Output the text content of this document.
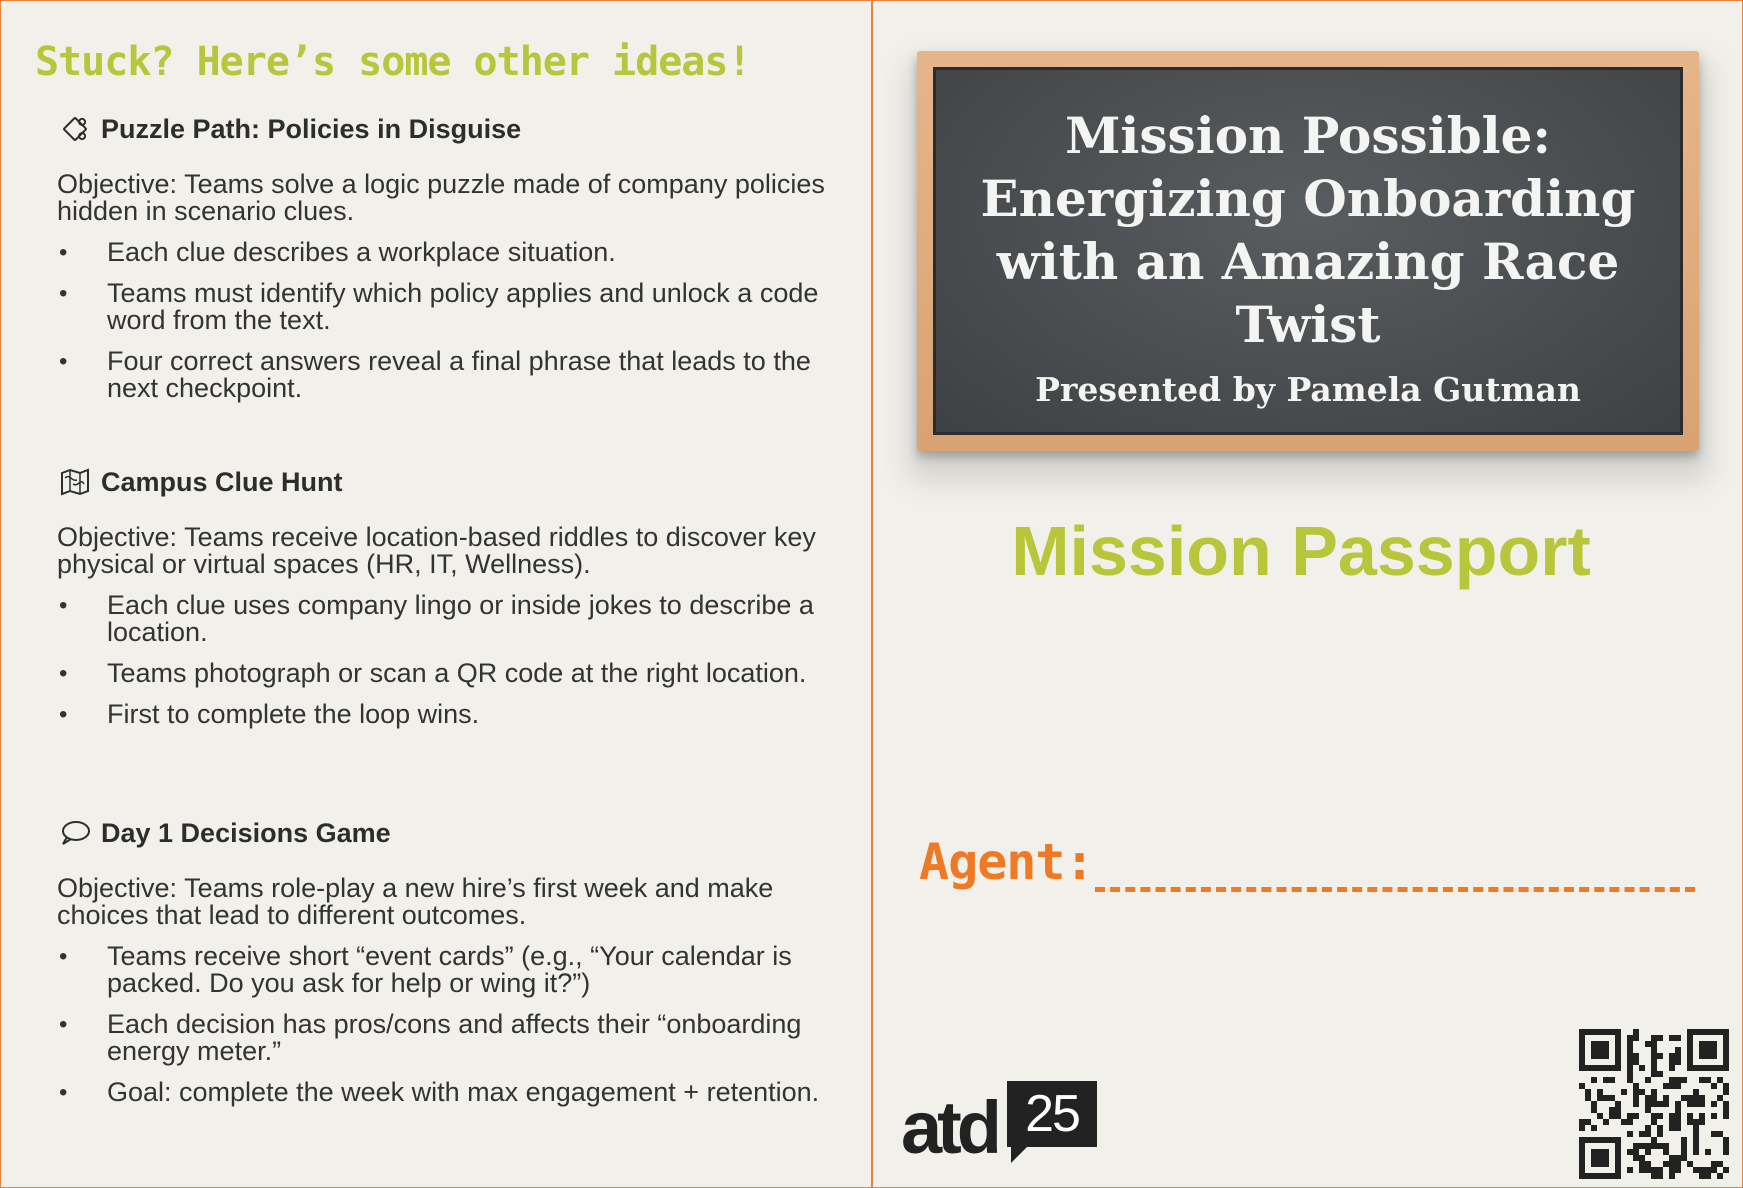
Stuck? Here’s some other ideas!
Puzzle Path: Policies in Disguise
Objective: Teams solve a logic puzzle made of company policies hidden in scenario clues.
• Each clue describes a workplace situation.
• Teams must identify which policy applies and unlock a code word from the text.
• Four correct answers reveal a final phrase that leads to the next checkpoint.
Campus Clue Hunt
Objective: Teams receive location-based riddles to discover key physical or virtual spaces (HR, IT, Wellness).
• Each clue uses company lingo or inside jokes to describe a location.
• Teams photograph or scan a QR code at the right location.
• First to complete the loop wins.
Day 1 Decisions Game
Objective: Teams role-play a new hire’s first week and make choices that lead to different outcomes.
• Teams receive short “event cards” (e.g., “Your calendar is packed. Do you ask for help or wing it?”)
• Each decision has pros/cons and affects their “onboarding energy meter.”
• Goal: complete the week with max engagement + retention.
Mission Possible: Energizing Onboarding with an Amazing Race Twist
Presented by Pamela Gutman
Mission Passport
Agent:
atd 25
